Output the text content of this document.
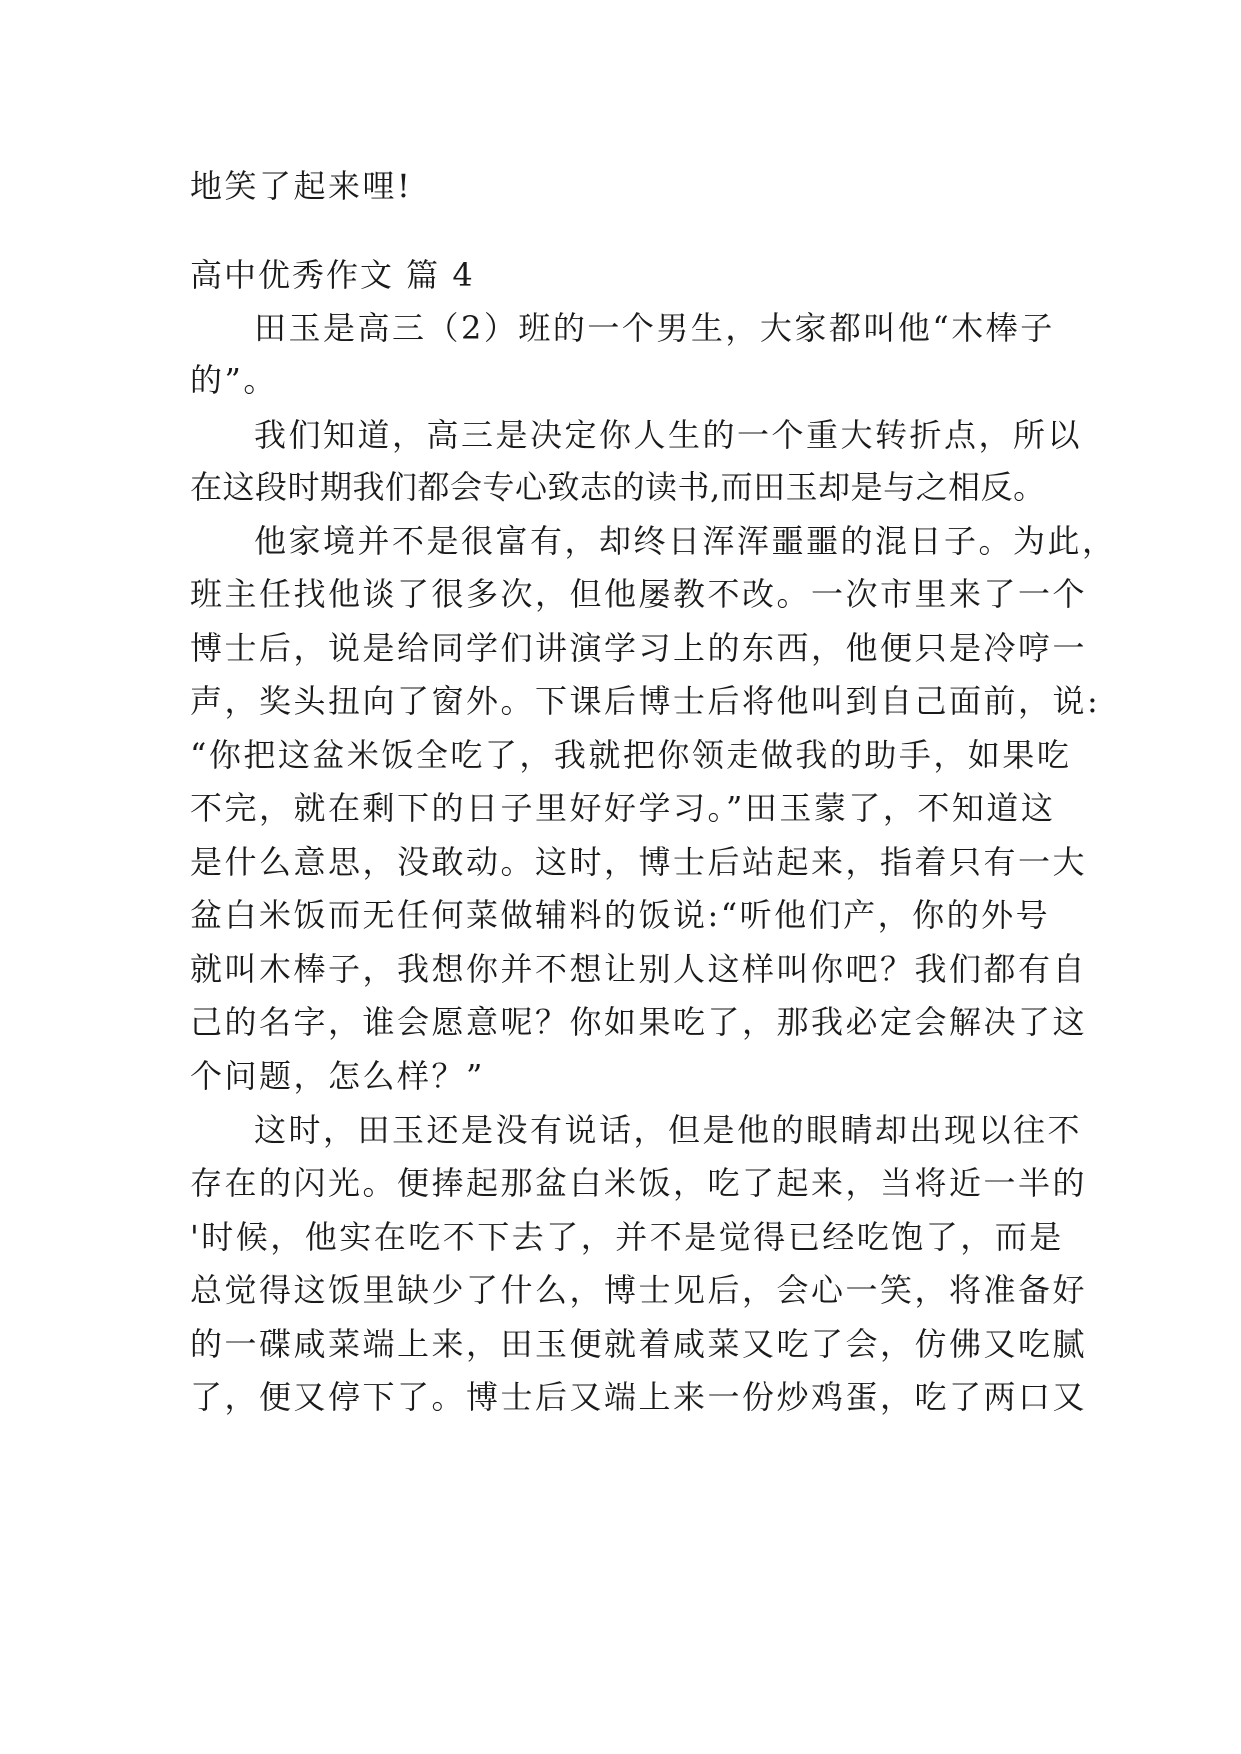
地笑了起来哩!
高中优秀作文 篇 4
田玉是高三（2）班的一个男生，大家都叫他“木棒子
的”。
我们知道，高三是决定你人生的一个重大转折点，所以
在这段时期我们都会专心致志的读书,而田玉却是与之相反。
他家境并不是很富有，却终日浑浑噩噩的混日子。为此，
班主任找他谈了很多次，但他屡教不改。一次市里来了一个
博士后，说是给同学们讲演学习上的东西，他便只是冷哼一
声，奖头扭向了窗外。下课后博士后将他叫到自己面前，说:
“你把这盆米饭全吃了，我就把你领走做我的助手，如果吃
不完，就在剩下的日子里好好学习。”田玉蒙了，不知道这
是什么意思，没敢动。这时，博士后站起来，指着只有一大
盆白米饭而无任何菜做辅料的饭说:“听他们产，你的外号
就叫木棒子，我想你并不想让别人这样叫你吧？我们都有自
己的名字，谁会愿意呢？你如果吃了，那我必定会解决了这
个问题，怎么样？”
这时，田玉还是没有说话，但是他的眼睛却出现以往不
存在的闪光。便捧起那盆白米饭，吃了起来，当将近一半的
'时候，他实在吃不下去了，并不是觉得已经吃饱了，而是
总觉得这饭里缺少了什么，博士见后，会心一笑，将准备好
的一碟咸菜端上来，田玉便就着咸菜又吃了会，仿佛又吃腻
了，便又停下了。博士后又端上来一份炒鸡蛋，吃了两口又
